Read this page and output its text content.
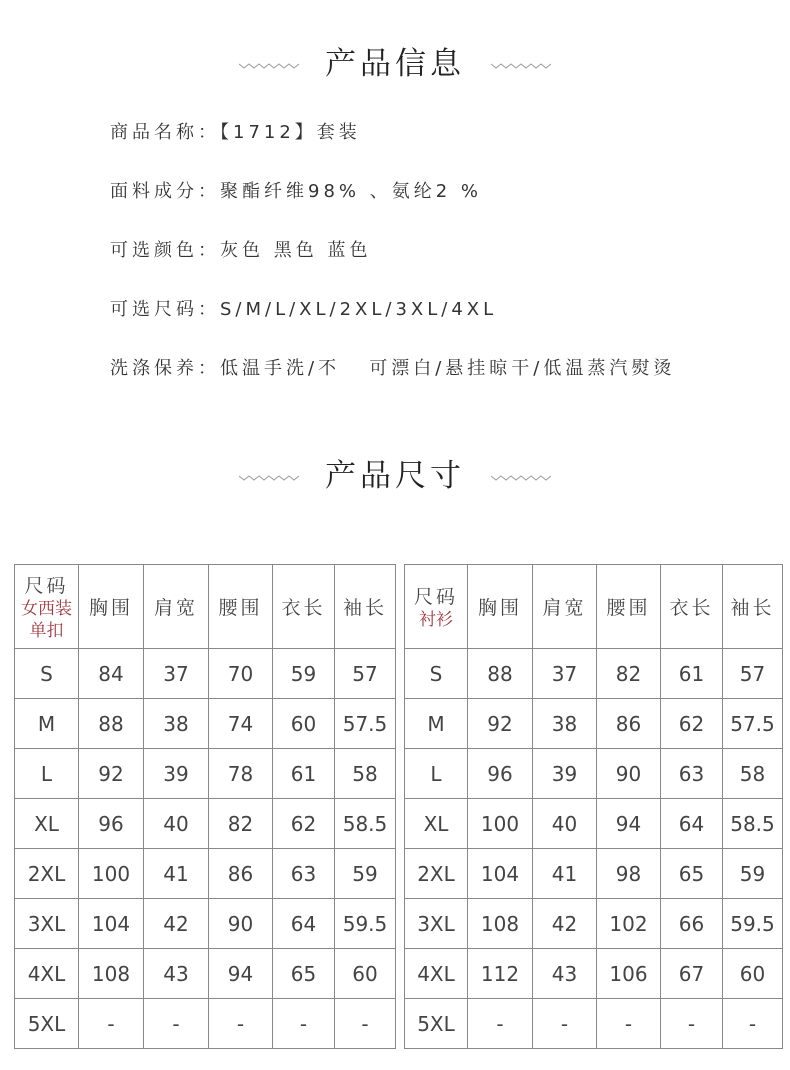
产品信息
商品名称：【1712】套装
面料成分：聚酯纤维98% 、氨纶2 %
可选颜色：灰色 黑色 蓝色
可选尺码：S/M/L/XL/2XL/3XL/4XL
洗涤保养：低温手洗/不   可漂白/悬挂晾干/低温蒸汽熨烫
产品尺寸
尺码
女西装
单扣	胸围	肩宽	腰围	衣长	袖长
S	84	37	70	59	57
M	88	38	74	60	57.5
L	92	39	78	61	58
XL	96	40	82	62	58.5
2XL	100	41	86	63	59
3XL	104	42	90	64	59.5
4XL	108	43	94	65	60
5XL	-	-	-	-	-
尺码
衬衫	胸围	肩宽	腰围	衣长	袖长
S	88	37	82	61	57
M	92	38	86	62	57.5
L	96	39	90	63	58
XL	100	40	94	64	58.5
2XL	104	41	98	65	59
3XL	108	42	102	66	59.5
4XL	112	43	106	67	60
5XL	-	-	-	-	-
